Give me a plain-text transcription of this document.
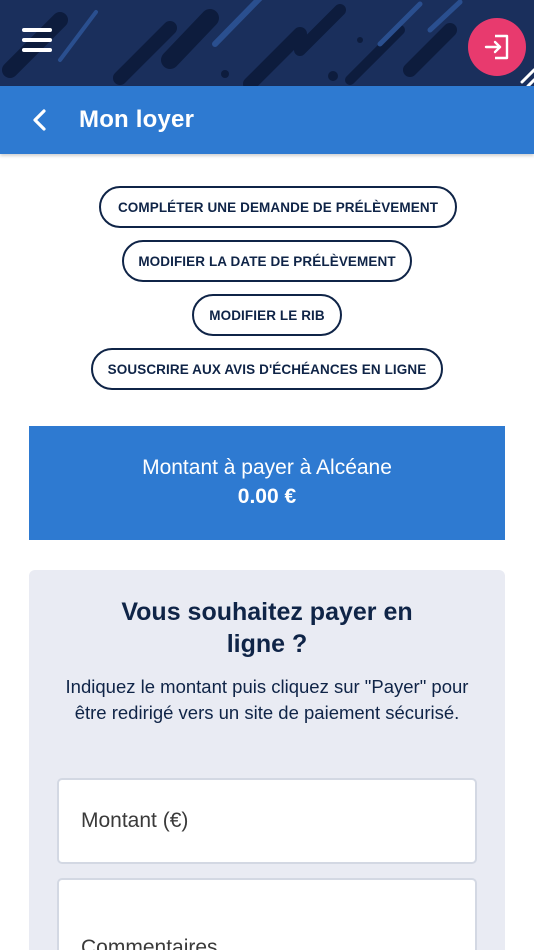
Mon loyer
COMPLÉTER UNE DEMANDE DE PRÉLÈVEMENT
MODIFIER LA DATE DE PRÉLÈVEMENT
MODIFIER LE RIB
SOUSCRIRE AUX AVIS D'ÉCHÉANCES EN LIGNE
Montant à payer à Alcéane
0.00 €
Vous souhaitez payer en ligne ?
Indiquez le montant puis cliquez sur "Payer" pour être redirigé vers un site de paiement sécurisé.
Montant (€)
Commentaires
